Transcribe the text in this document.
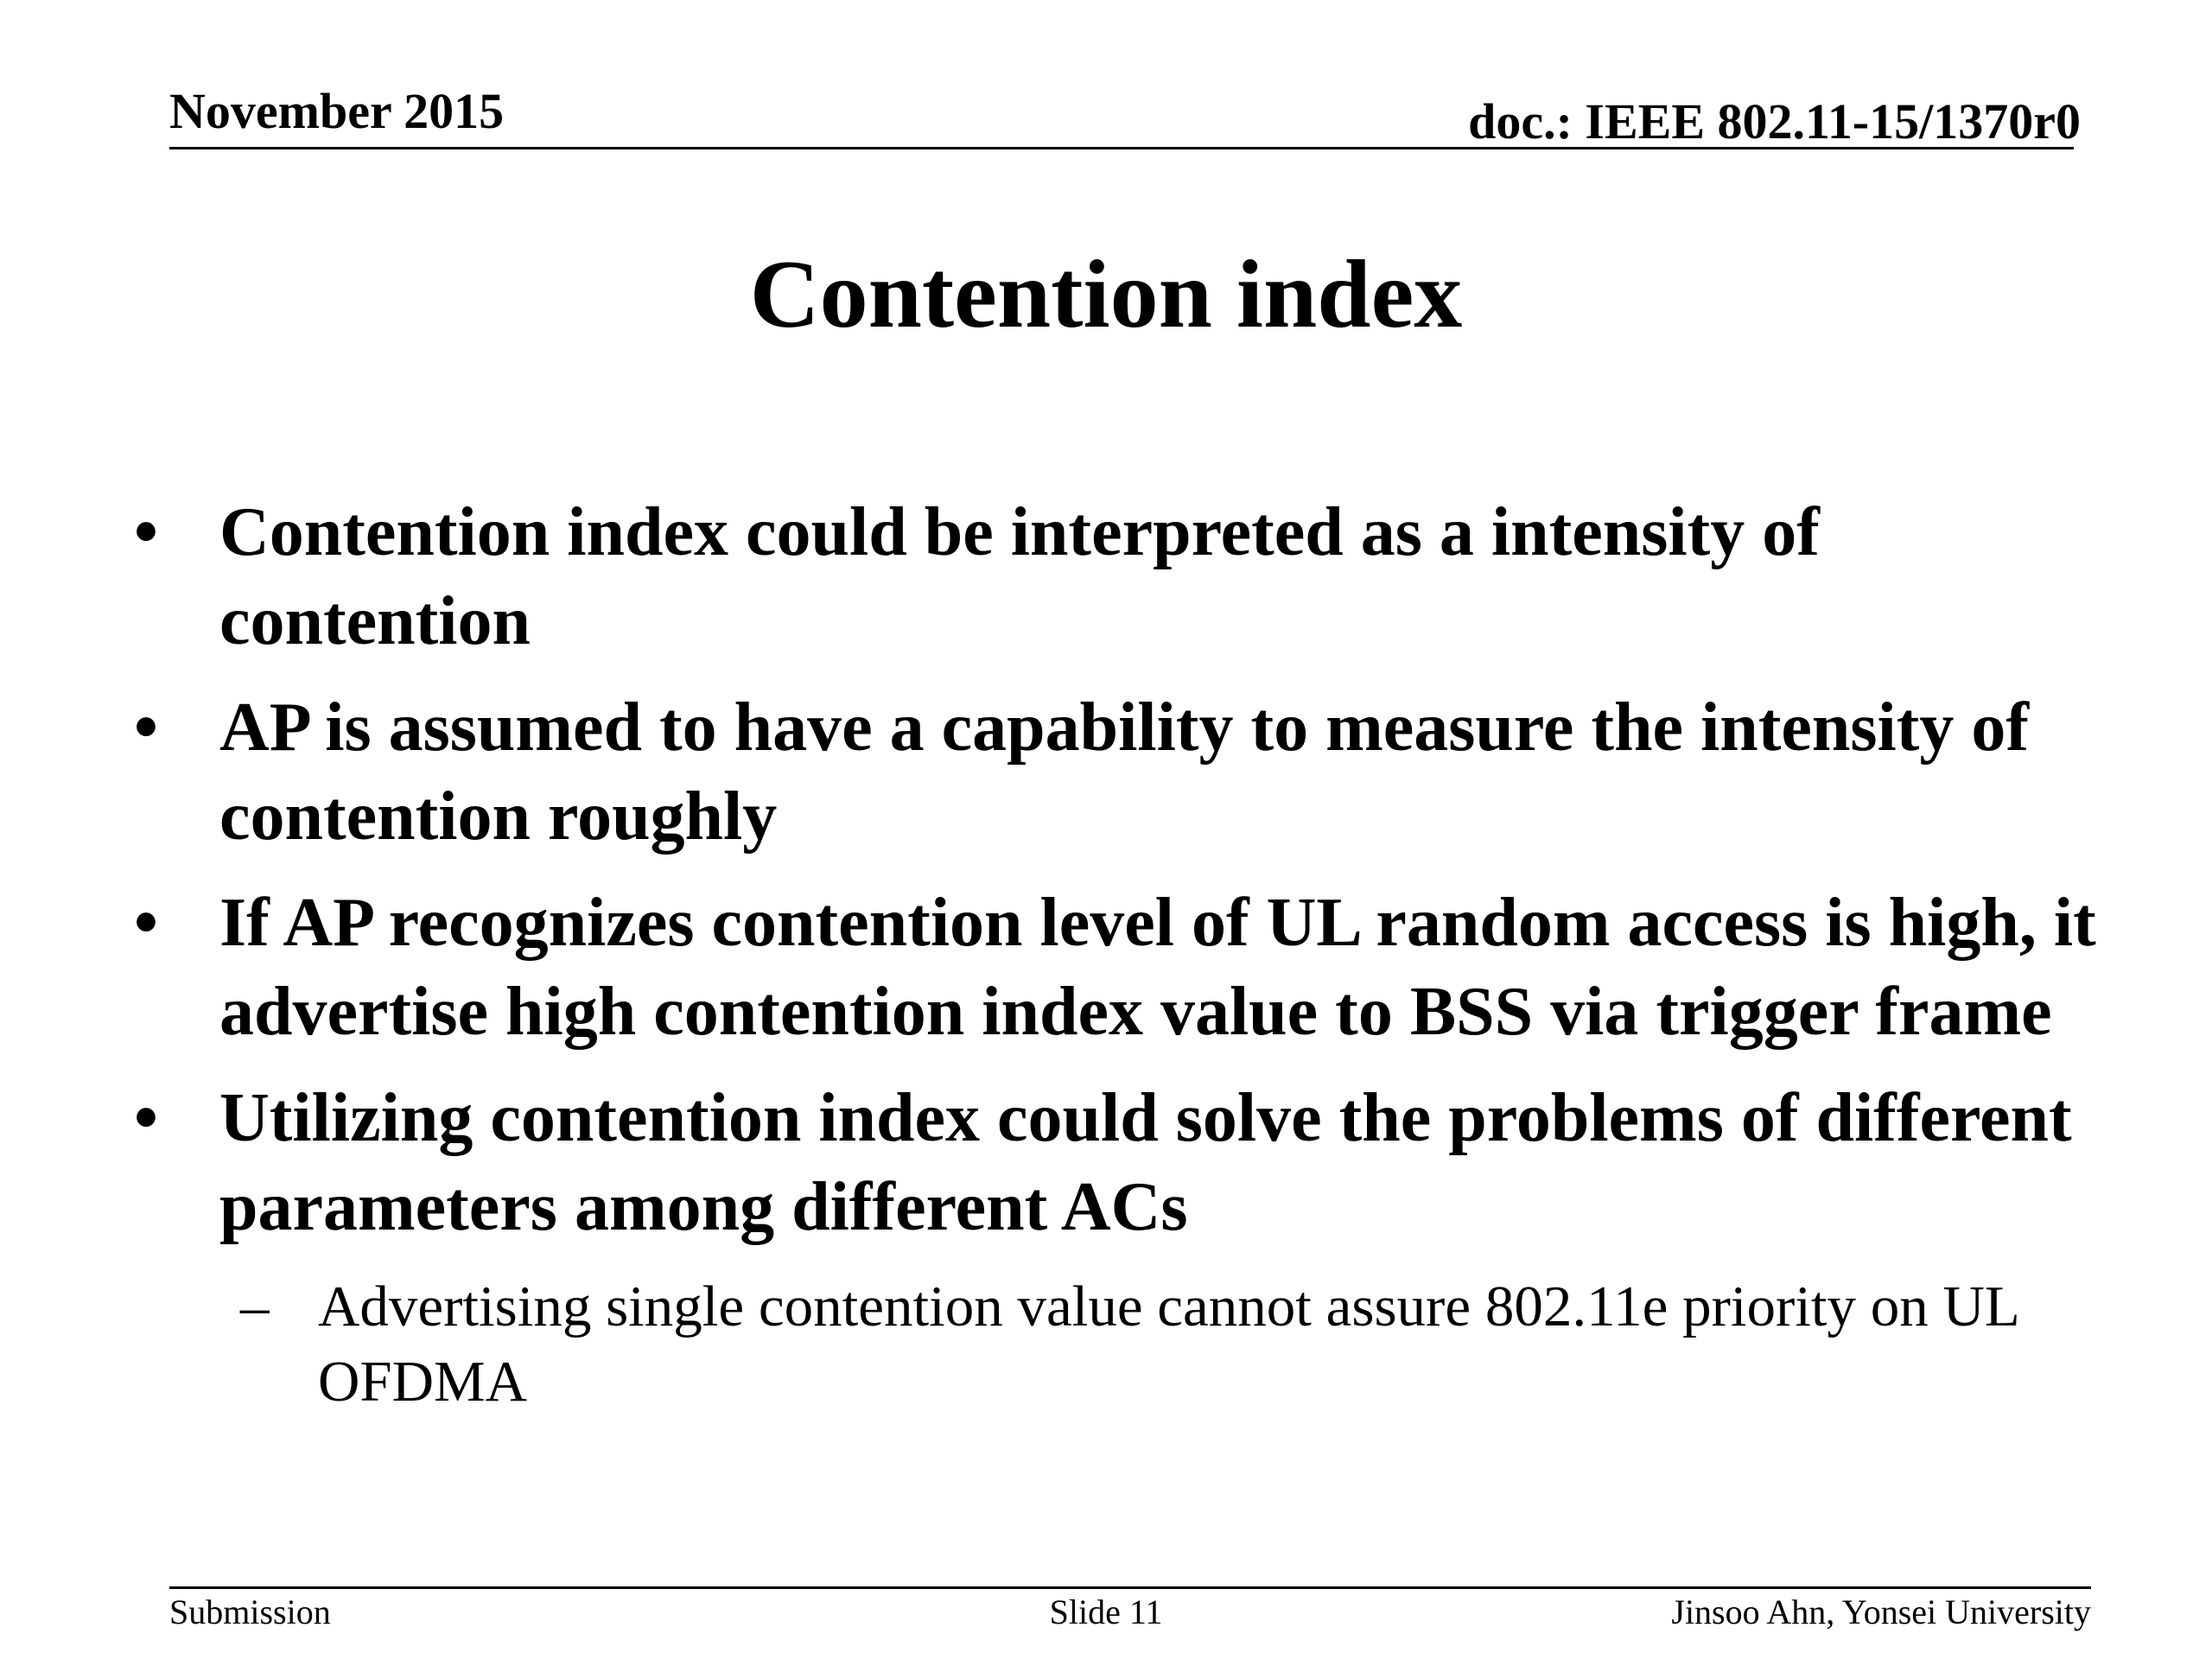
November 2015	doc.: IEEE 802.11-15/1370r0
Contention index
• Contention index could be interpreted as a intensity of contention
• AP is assumed to have a capability to measure the intensity of contention roughly
• If AP recognizes contention level of UL random access is high, it advertise high contention index value to BSS via trigger frame
• Utilizing contention index could solve the problems of different parameters among different ACs
– Advertising single contention value cannot assure 802.11e priority on UL OFDMA
Submission	Slide 11	Jinsoo Ahn, Yonsei University
